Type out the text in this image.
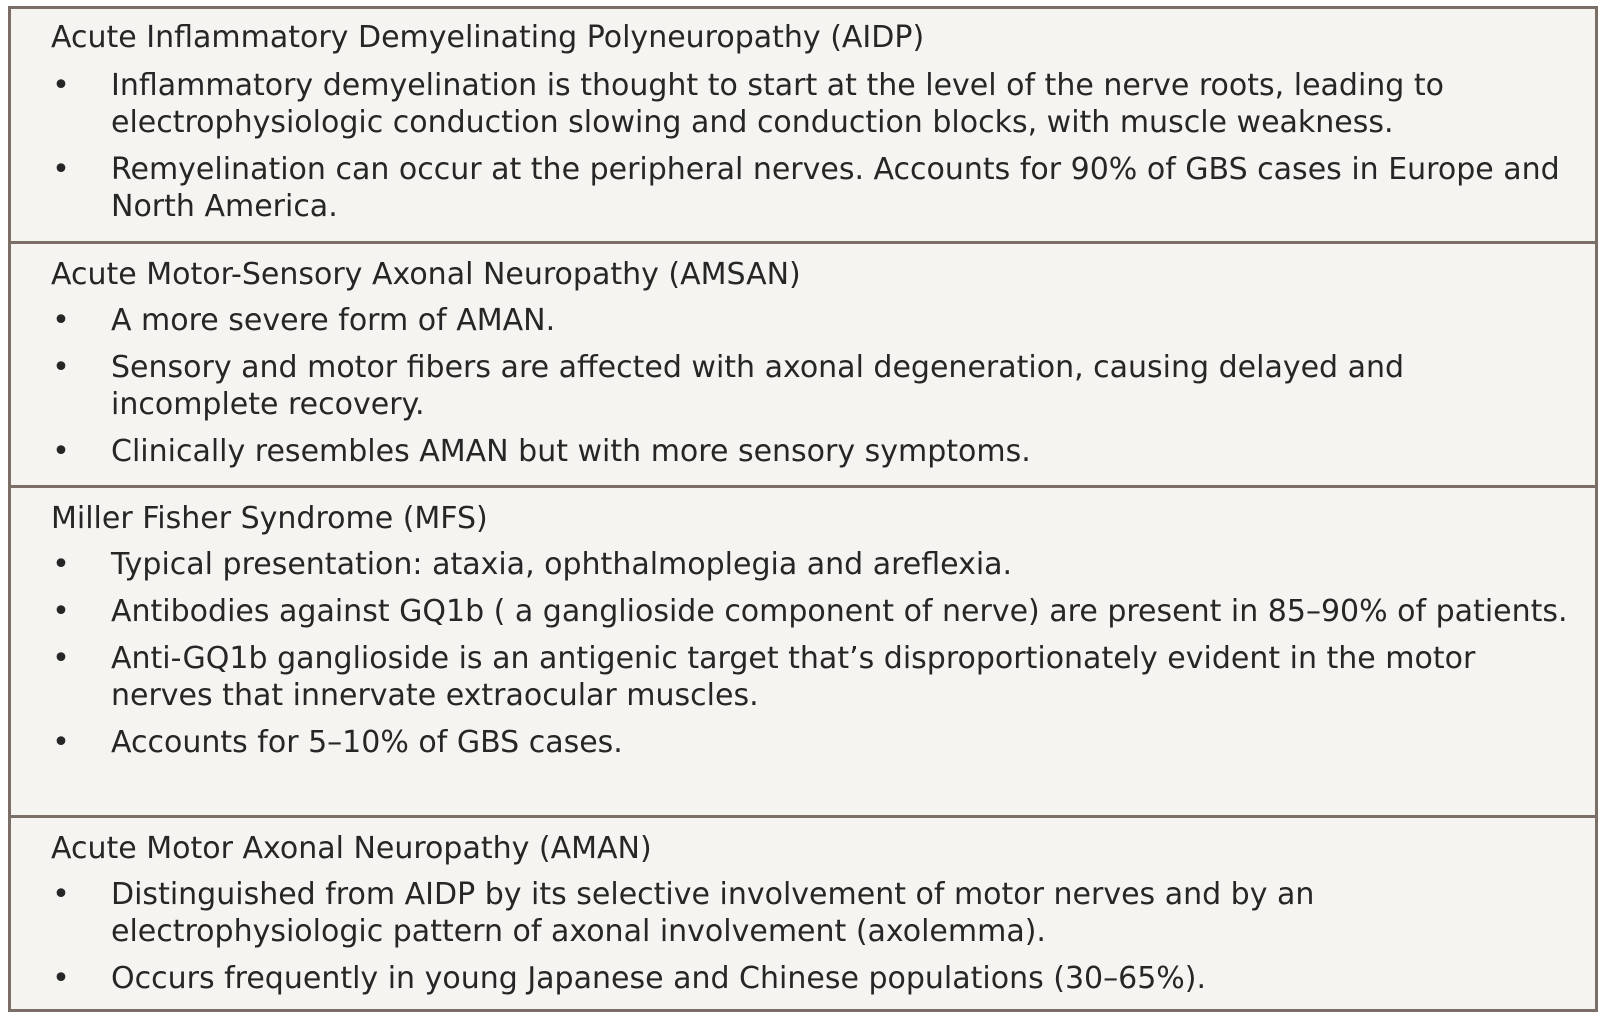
Acute Inflammatory Demyelinating Polyneuropathy (AIDP)
• Inflammatory demyelination is thought to start at the level of the nerve roots, leading to electrophysiologic conduction slowing and conduction blocks, with muscle weakness.
• Remyelination can occur at the peripheral nerves. Accounts for 90% of GBS cases in Europe and North America.
Acute Motor-Sensory Axonal Neuropathy (AMSAN)
• A more severe form of AMAN.
• Sensory and motor fibers are affected with axonal degeneration, causing delayed and incomplete recovery.
• Clinically resembles AMAN but with more sensory symptoms.
Miller Fisher Syndrome (MFS)
• Typical presentation: ataxia, ophthalmoplegia and areflexia.
• Antibodies against GQ1b ( a ganglioside component of nerve) are present in 85–90% of patients.
• Anti-GQ1b ganglioside is an antigenic target that’s disproportionately evident in the motor nerves that innervate extraocular muscles.
• Accounts for 5–10% of GBS cases.
Acute Motor Axonal Neuropathy (AMAN)
• Distinguished from AIDP by its selective involvement of motor nerves and by an electrophysiologic pattern of axonal involvement (axolemma).
• Occurs frequently in young Japanese and Chinese populations (30–65%).
